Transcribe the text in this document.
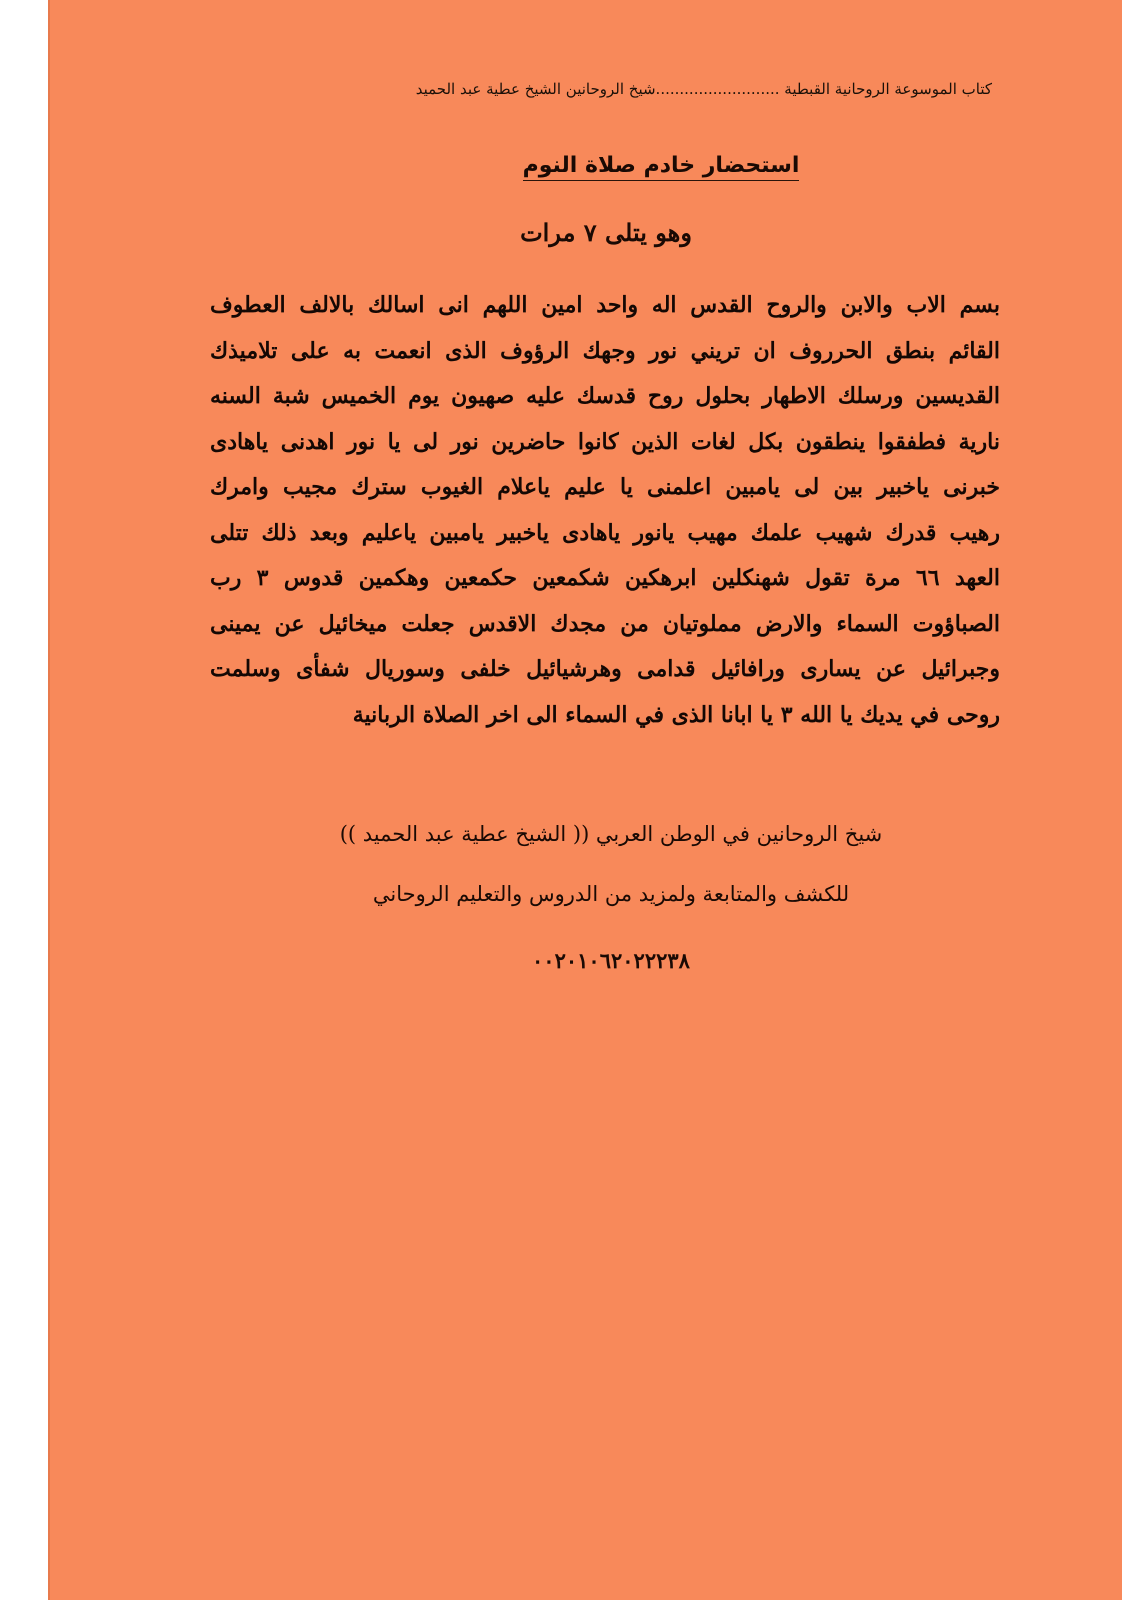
كتاب الموسوعة الروحانية القبطية ..........................شيخ الروحانين الشيخ عطية عبد الحميد
استحضار خادم صلاة النوم
وهو يتلى ٧ مرات
بسم الاب والابن والروح القدس اله واحد امين اللهم انى اسالك بالالف العطوف
القائم بنطق الحرروف ان تريني نور وجهك الرؤوف الذى انعمت به على تلاميذك
القديسين ورسلك الاطهار بحلول روح قدسك عليه صهيون يوم الخميس شبة السنه
نارية فطفقوا ينطقون بكل لغات الذين كانوا حاضرين نور لى يا نور اهدنى ياهادى
خبرنى ياخبير بين لى يامبين اعلمنى يا عليم ياعلام الغيوب سترك مجيب وامرك
رهيب قدرك شهيب علمك مهيب يانور ياهادى ياخبير يامبين ياعليم وبعد ذلك تتلى
العهد ٦٦ مرة تقول شهنكلين ابرهكين شكمعين حكمعين وهكمين قدوس ٣ رب
الصباؤوت السماء والارض مملوتيان من مجدك الاقدس جعلت ميخائيل عن يمينى
وجبرائيل عن يسارى ورافائيل قدامى وهرشيائيل خلفى وسوريال شفأى وسلمت
روحى في يديك يا الله ٣ يا ابانا الذى في السماء الى اخر الصلاة الربانية
شيخ الروحانين في الوطن العربي (( الشيخ عطية عبد الحميد ))
للكشف والمتابعة ولمزيد من الدروس والتعليم الروحاني
٠٠٢٠١٠٦٢٠٢٢٢٣٨
